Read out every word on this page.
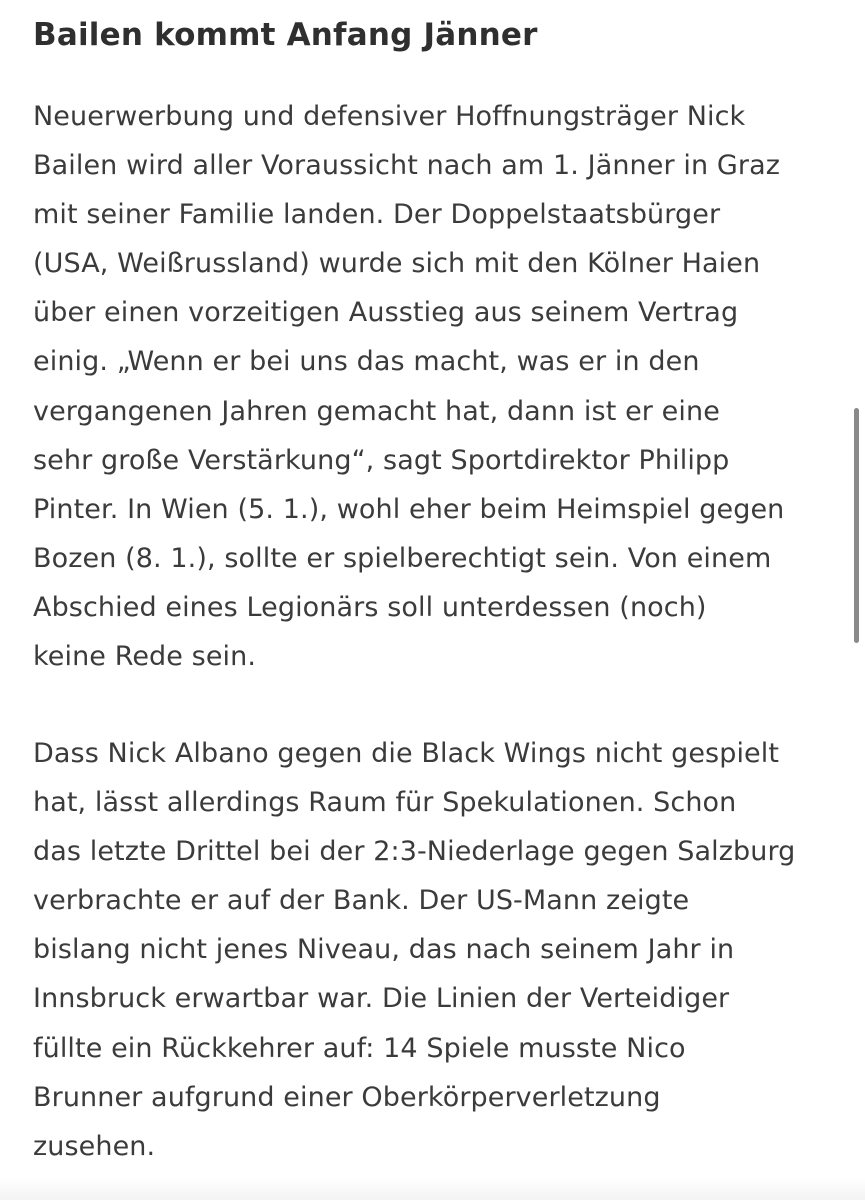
Bailen kommt Anfang Jänner

Neuerwerbung und defensiver Hoffnungsträger Nick
Bailen wird aller Voraussicht nach am 1. Jänner in Graz
mit seiner Familie landen. Der Doppelstaatsbürger
(USA, Weißrussland) wurde sich mit den Kölner Haien
über einen vorzeitigen Ausstieg aus seinem Vertrag
einig. „Wenn er bei uns das macht, was er in den
vergangenen Jahren gemacht hat, dann ist er eine
sehr große Verstärkung“, sagt Sportdirektor Philipp
Pinter. In Wien (5. 1.), wohl eher beim Heimspiel gegen
Bozen (8. 1.), sollte er spielberechtigt sein. Von einem
Abschied eines Legionärs soll unterdessen (noch)
keine Rede sein.

Dass Nick Albano gegen die Black Wings nicht gespielt
hat, lässt allerdings Raum für Spekulationen. Schon
das letzte Drittel bei der 2:3-Niederlage gegen Salzburg
verbrachte er auf der Bank. Der US-Mann zeigte
bislang nicht jenes Niveau, das nach seinem Jahr in
Innsbruck erwartbar war. Die Linien der Verteidiger
füllte ein Rückkehrer auf: 14 Spiele musste Nico
Brunner aufgrund einer Oberkörperverletzung
zusehen.
